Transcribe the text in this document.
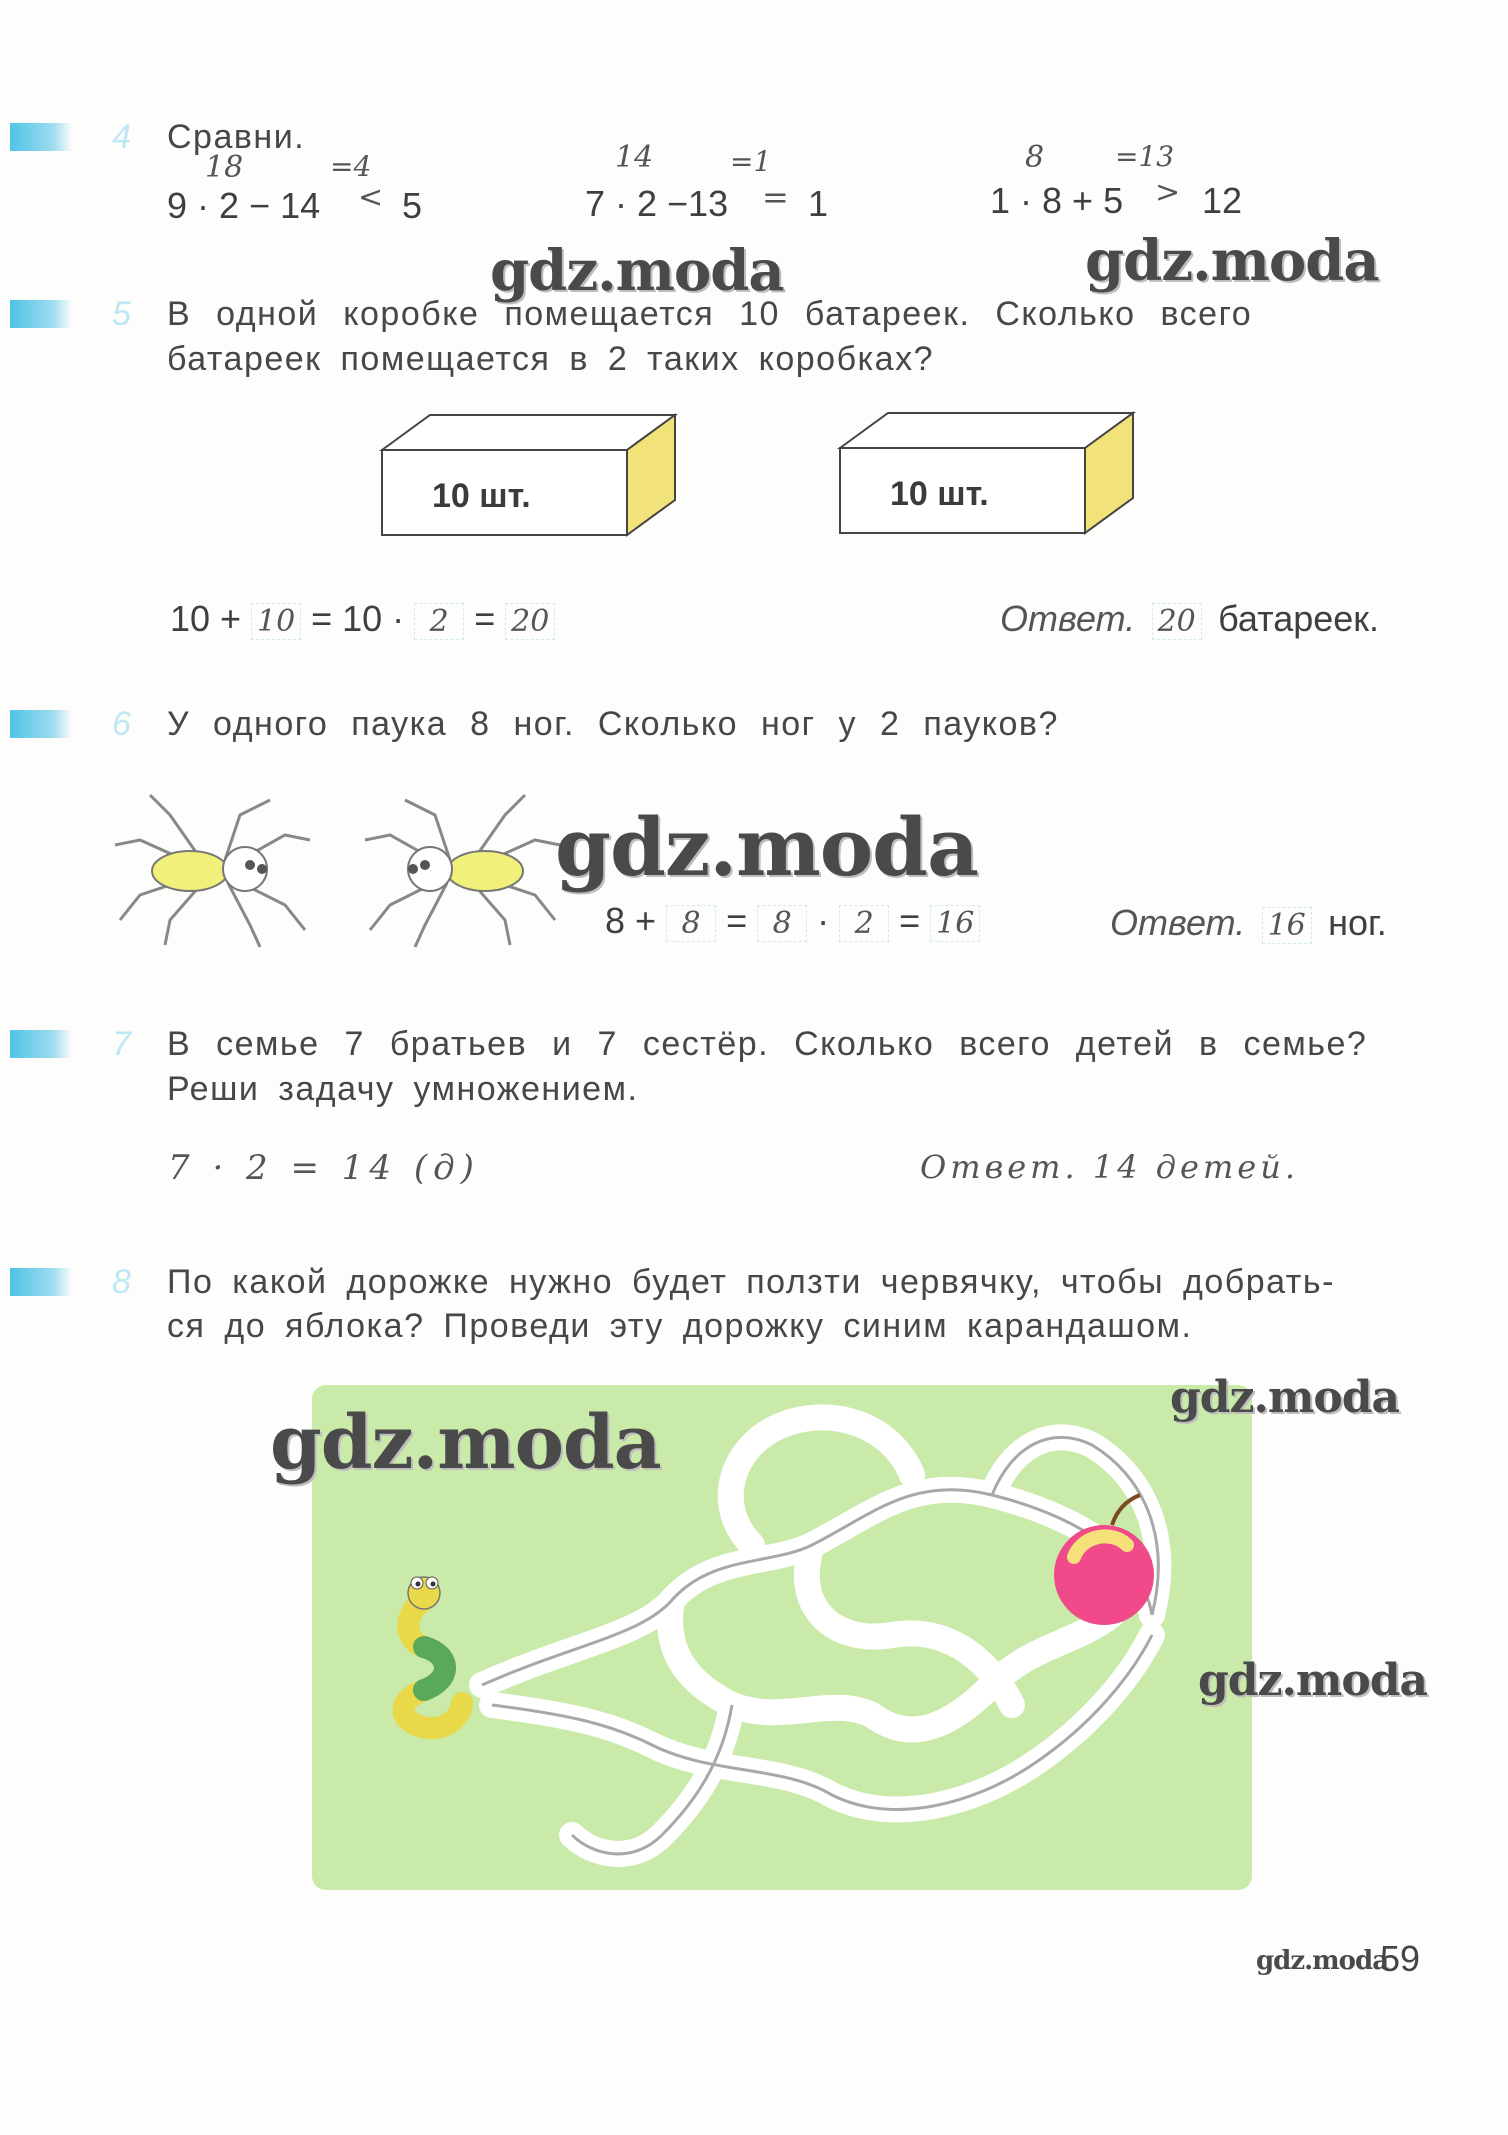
4 Сравни.
18	=4
9 · 2 − 14 < 5
14	=1
7 · 2 −13 = 1
8	=13
1 · 8 + 5 > 12
gdz.moda	gdz.moda
5 В одной коробке помещается 10 батареек. Сколько всего
батареек помещается в 2 таких коробках?
10 шт.	10 шт.
10 + 10 = 10 · 2 = 20	Ответ. 20 батареек.
6 У одного паука 8 ног. Сколько ног у 2 пауков?
gdz.moda
8 + 8 = 8 · 2 = 16	Ответ. 16 ног.
7 В семье 7 братьев и 7 сестёр. Сколько всего детей в семье?
Реши задачу умножением.
7 · 2 = 14 (д)	Ответ. 14 детей.
8 По какой дорожке нужно будет ползти червячку, чтобы добрать-
ся до яблока? Проведи эту дорожку синим карандашом.
gdz.moda
gdz.moda
gdz.moda
gdz.moda
59
